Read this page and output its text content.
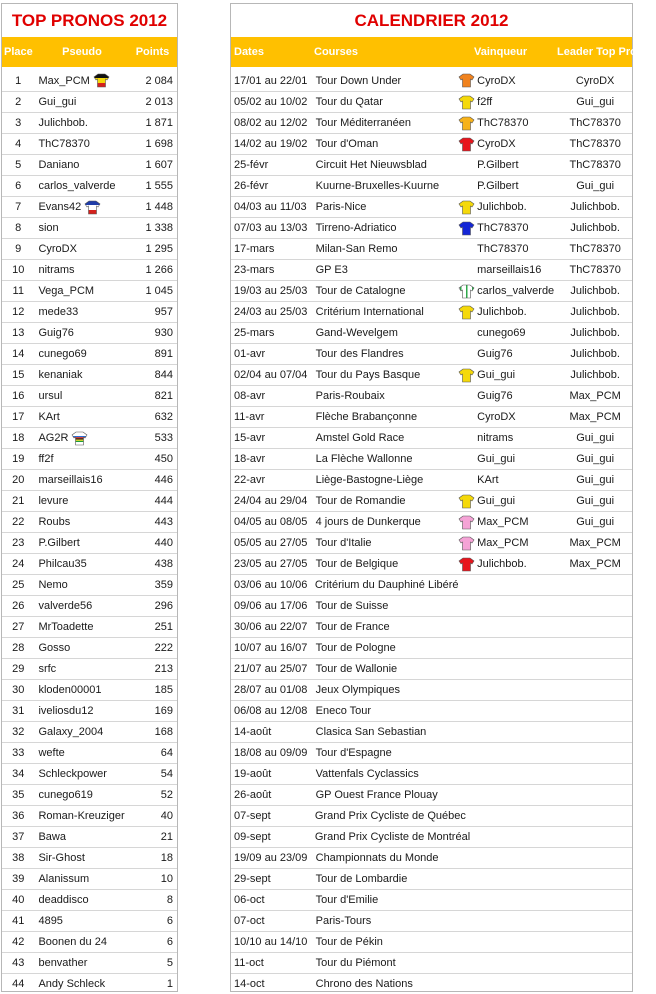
TOP PRONOS 2012
Place	Pseudo	Points
1	Max_PCM	2 084
2	Gui_gui	2 013
3	Julichbob.	1 871
4	ThC78370	1 698
5	Daniano	1 607
6	carlos_valverde	1 555
7	Evans42	1 448
8	sion	1 338
9	CyroDX	1 295
10	nitrams	1 266
11	Vega_PCM	1 045
12	mede33	957
13	Guig76	930
14	cunego69	891
15	kenaniak	844
16	ursul	821
17	KArt	632
18	AG2R	533
19	ff2f	450
20	marseillais16	446
21	levure	444
22	Roubs	443
23	P.Gilbert	440
24	Philcau35	438
25	Nemo	359
26	valverde56	296
27	MrToadette	251
28	Gosso	222
29	srfc	213
30	kloden00001	185
31	iveliosdu12	169
32	Galaxy_2004	168
33	wefte	64
34	Schleckpower	54
35	cunego619	52
36	Roman-Kreuziger	40
37	Bawa	21
38	Sir-Ghost	18
39	Alanissum	10
40	deaddisco	8
41	4895	6
42	Boonen du 24	6
43	benvather	5
44	Andy Schleck	1
CALENDRIER 2012
Dates	Courses	Vainqueur	Leader Top Pronos
17/01 au 22/01 Tour Down Under	CyroDX	CyroDX
05/02 au 10/02 Tour du Qatar	f2ff	Gui_gui
08/02 au 12/02 Tour Méditerranéen	ThC78370	ThC78370
14/02 au 19/02 Tour d'Oman	CyroDX	ThC78370
25-févr	Circuit Het Nieuwsblad	P.Gilbert	ThC78370
26-févr	Kuurne-Bruxelles-Kuurne	P.Gilbert	Gui_gui
04/03 au 11/03 Paris-Nice	Julichbob.	Julichbob.
07/03 au 13/03 Tirreno-Adriatico	ThC78370	Julichbob.
17-mars	Milan-San Remo	ThC78370	ThC78370
23-mars	GP E3	marseillais16	ThC78370
19/03 au 25/03 Tour de Catalogne	carlos_valverde	Julichbob.
24/03 au 25/03 Critérium International	Julichbob.	Julichbob.
25-mars	Gand-Wevelgem	cunego69	Julichbob.
01-avr	Tour des Flandres	Guig76	Julichbob.
02/04 au 07/04 Tour du Pays Basque	Gui_gui	Julichbob.
08-avr	Paris-Roubaix	Guig76	Max_PCM
11-avr	Flèche Brabançonne	CyroDX	Max_PCM
15-avr	Amstel Gold Race	nitrams	Gui_gui
18-avr	La Flèche Wallonne	Gui_gui	Gui_gui
22-avr	Liège-Bastogne-Liège	KArt	Gui_gui
24/04 au 29/04 Tour de Romandie	Gui_gui	Gui_gui
04/05 au 08/05 4 jours de Dunkerque	Max_PCM	Gui_gui
05/05 au 27/05 Tour d'Italie	Max_PCM	Max_PCM
23/05 au 27/05 Tour de Belgique	Julichbob.	Max_PCM
03/06 au 10/06 Critérium du Dauphiné Libéré
09/06 au 17/06 Tour de Suisse
30/06 au 22/07 Tour de France
10/07 au 16/07 Tour de Pologne
21/07 au 25/07 Tour de Wallonie
28/07 au 01/08 Jeux Olympiques
06/08 au 12/08 Eneco Tour
14-août	Clasica San Sebastian
18/08 au 09/09 Tour d'Espagne
19-août	Vattenfals Cyclassics
26-août	GP Ouest France Plouay
07-sept	Grand Prix Cycliste de Québec
09-sept	Grand Prix Cycliste de Montréal
19/09 au 23/09 Championnats du Monde
29-sept	Tour de Lombardie
06-oct	Tour d'Emilie
07-oct	Paris-Tours
10/10 au 14/10 Tour de Pékin
11-oct	Tour du Piémont
14-oct	Chrono des Nations
